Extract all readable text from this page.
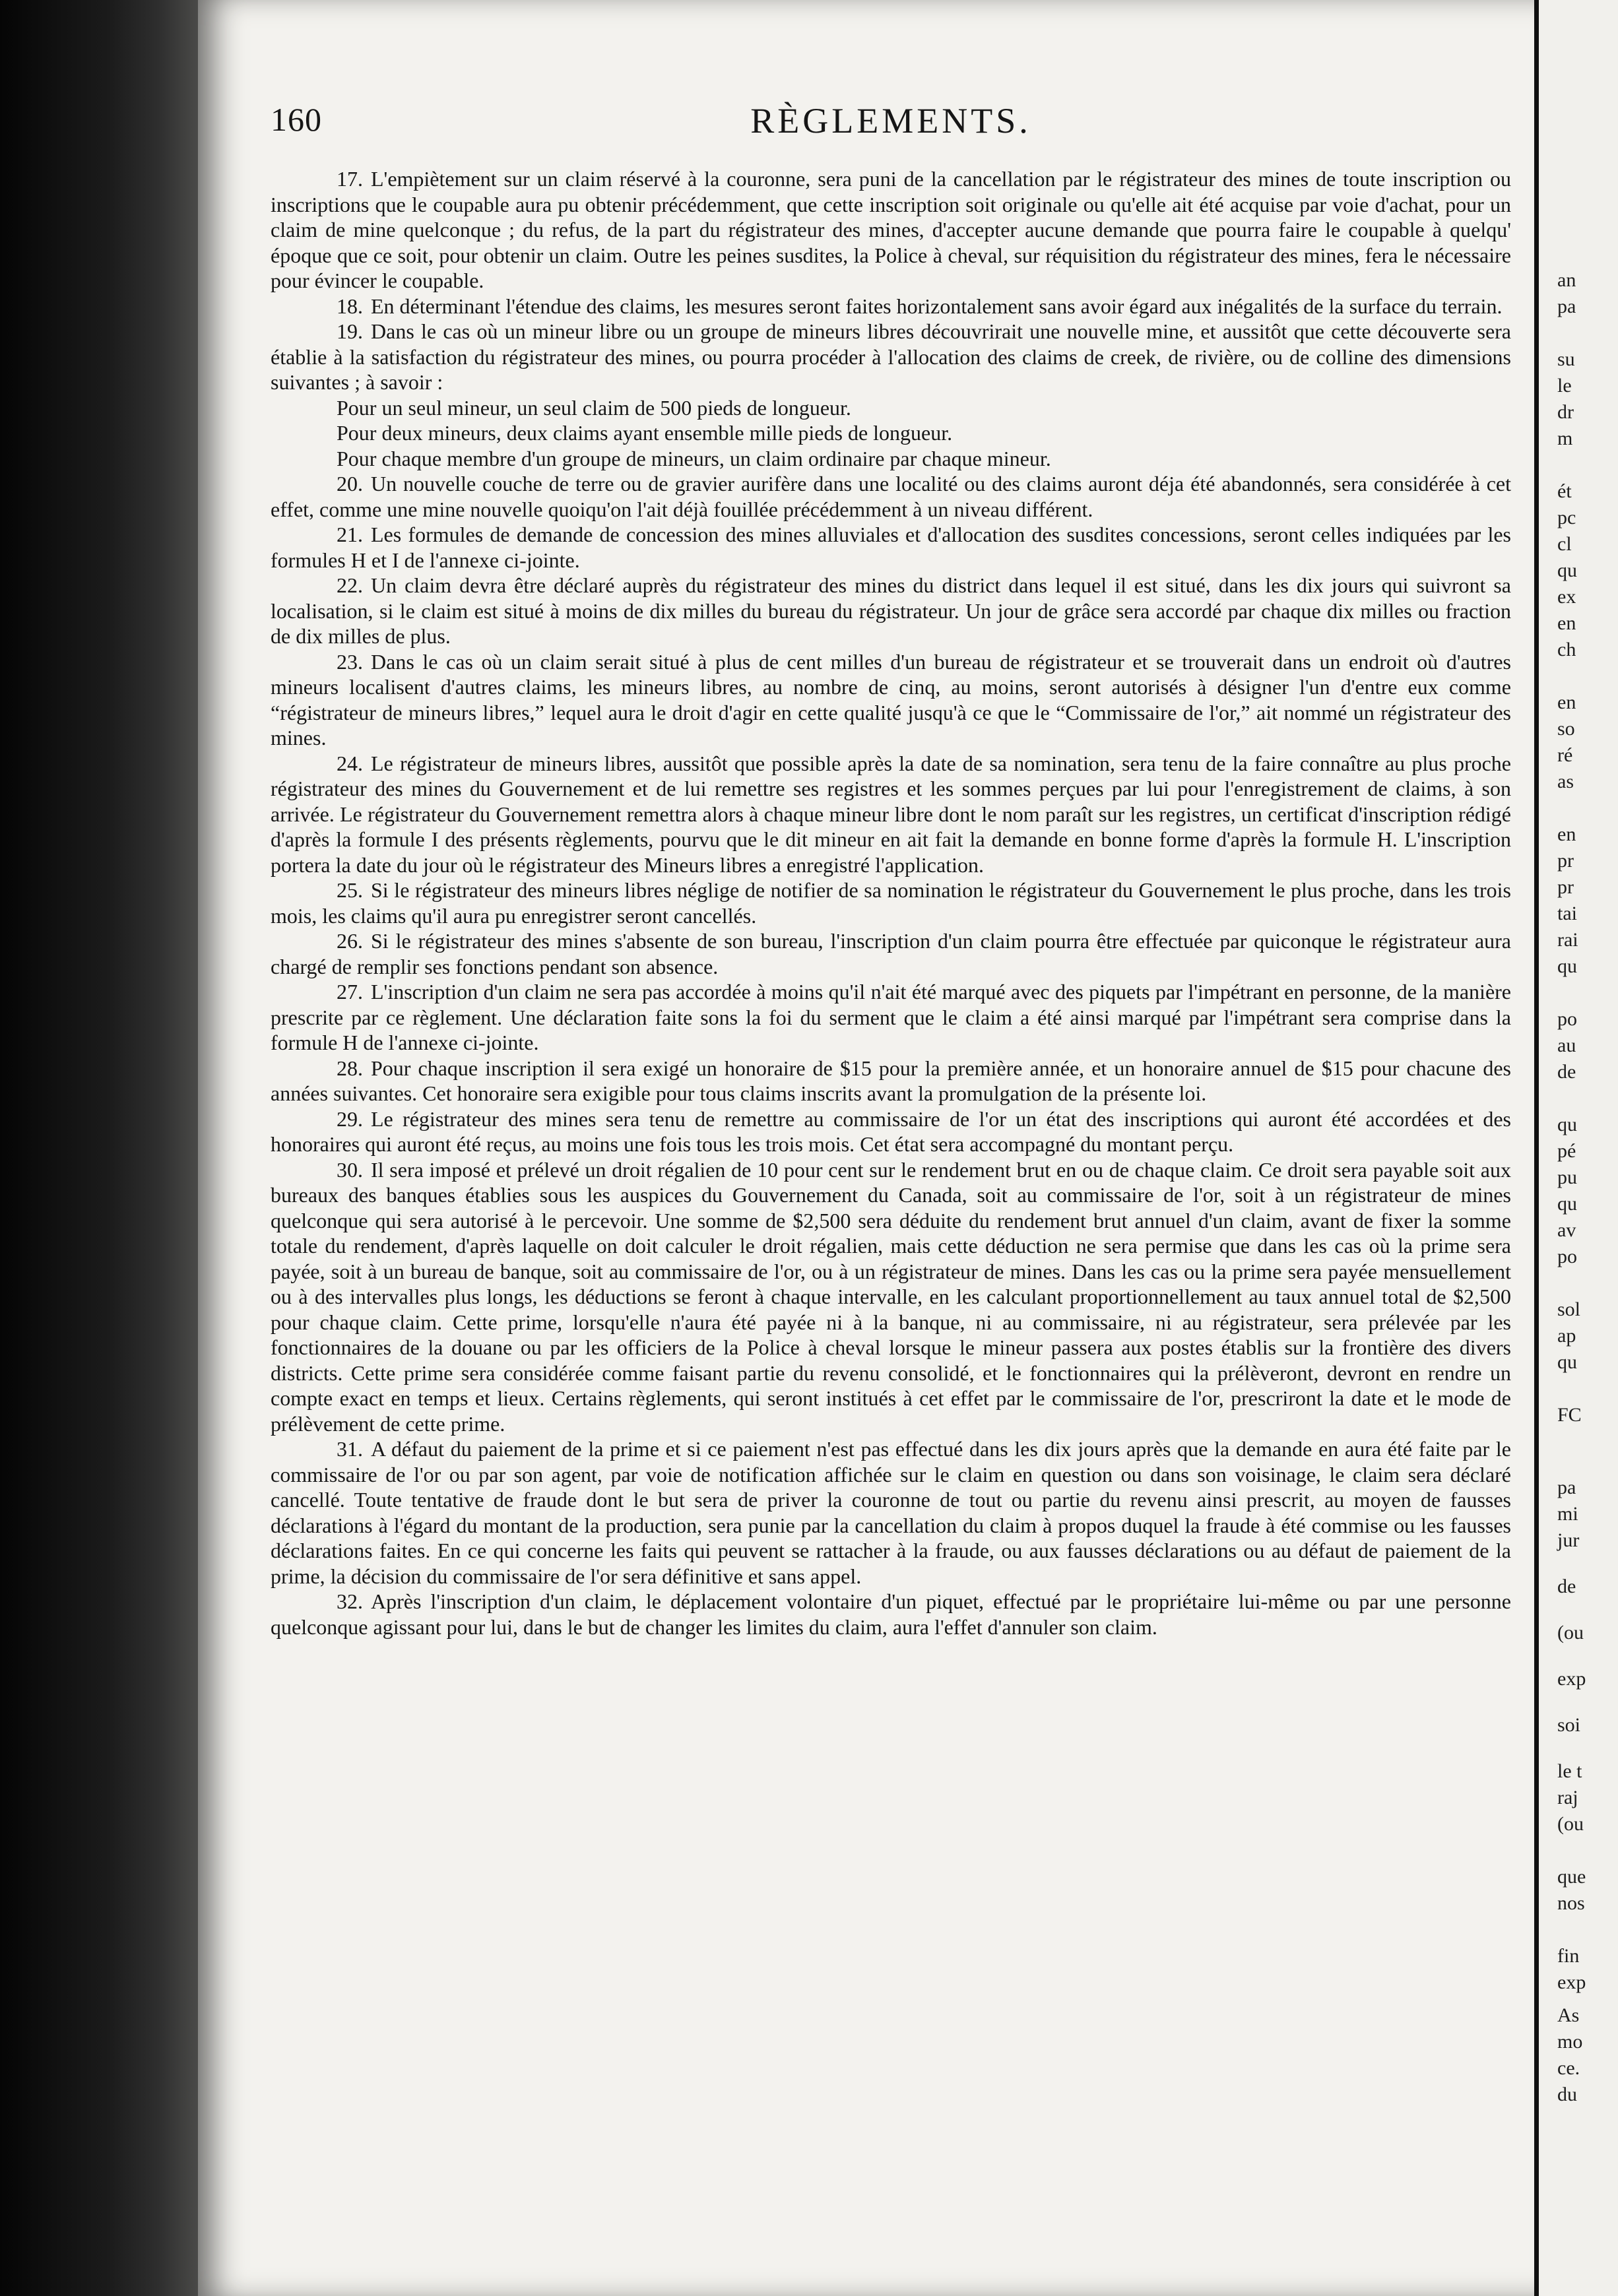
160	RÈGLEMENTS.

17. L'empiètement sur un claim réservé à la couronne, sera puni de la cancellation par le régistrateur des mines de toute inscription ou inscriptions que le coupable aura pu obtenir précédemment, que cette inscription soit originale ou qu'elle ait été acquise par voie d'achat, pour un claim de mine quelconque ; du refus, de la part du régistrateur des mines, d'accepter aucune demande que pourra faire le coupable à quelqu' époque que ce soit, pour obtenir un claim. Outre les peines susdites, la Police à cheval, sur réquisition du régistrateur des mines, fera le nécessaire pour évincer le coupable.

18. En déterminant l'étendue des claims, les mesures seront faites horizontalement sans avoir égard aux inégalités de la surface du terrain.

19. Dans le cas où un mineur libre ou un groupe de mineurs libres découvrirait une nouvelle mine, et aussitôt que cette découverte sera établie à la satisfaction du régistrateur des mines, ou pourra procéder à l'allocation des claims de creek, de rivière, ou de colline des dimensions suivantes ; à savoir :

Pour un seul mineur, un seul claim de 500 pieds de longueur.

Pour deux mineurs, deux claims ayant ensemble mille pieds de longueur.

Pour chaque membre d'un groupe de mineurs, un claim ordinaire par chaque mineur.

20. Un nouvelle couche de terre ou de gravier aurifère dans une localité ou des claims auront déja été abandonnés, sera considérée à cet effet, comme une mine nouvelle quoiqu'on l'ait déjà fouillée précédemment à un niveau différent.

21. Les formules de demande de concession des mines alluviales et d'allocation des susdites concessions, seront celles indiquées par les formules H et I de l'annexe ci-jointe.

22. Un claim devra être déclaré auprès du régistrateur des mines du district dans lequel il est situé, dans les dix jours qui suivront sa localisation, si le claim est situé à moins de dix milles du bureau du régistrateur. Un jour de grâce sera accordé par chaque dix milles ou fraction de dix milles de plus.

23. Dans le cas où un claim serait situé à plus de cent milles d'un bureau de régistrateur et se trouverait dans un endroit où d'autres mineurs localisent d'autres claims, les mineurs libres, au nombre de cinq, au moins, seront autorisés à désigner l'un d'entre eux comme “régistrateur de mineurs libres,” lequel aura le droit d'agir en cette qualité jusqu'à ce que le “Commissaire de l'or,” ait nommé un régistrateur des mines.

24. Le régistrateur de mineurs libres, aussitôt que possible après la date de sa nomination, sera tenu de la faire connaître au plus proche régistrateur des mines du Gouvernement et de lui remettre ses registres et les sommes perçues par lui pour l'enregistrement de claims, à son arrivée. Le régistrateur du Gouvernement remettra alors à chaque mineur libre dont le nom paraît sur les registres, un certificat d'inscription rédigé d'après la formule I des présents règlements, pourvu que le dit mineur en ait fait la demande en bonne forme d'après la formule H. L'inscription portera la date du jour où le régistrateur des Mineurs libres a enregistré l'application.

25. Si le régistrateur des mineurs libres néglige de notifier de sa nomination le régistrateur du Gouvernement le plus proche, dans les trois mois, les claims qu'il aura pu enregistrer seront cancellés.

26. Si le régistrateur des mines s'absente de son bureau, l'inscription d'un claim pourra être effectuée par quiconque le régistrateur aura chargé de remplir ses fonctions pendant son absence.

27. L'inscription d'un claim ne sera pas accordée à moins qu'il n'ait été marqué avec des piquets par l'impétrant en personne, de la manière prescrite par ce règlement. Une déclaration faite sons la foi du serment que le claim a été ainsi marqué par l'impétrant sera comprise dans la formule H de l'annexe ci-jointe.

28. Pour chaque inscription il sera exigé un honoraire de $15 pour la première année, et un honoraire annuel de $15 pour chacune des années suivantes. Cet honoraire sera exigible pour tous claims inscrits avant la promulgation de la présente loi.

29. Le régistrateur des mines sera tenu de remettre au commissaire de l'or un état des inscriptions qui auront été accordées et des honoraires qui auront été reçus, au moins une fois tous les trois mois. Cet état sera accompagné du montant perçu.

30. Il sera imposé et prélevé un droit régalien de 10 pour cent sur le rendement brut en ou de chaque claim. Ce droit sera payable soit aux bureaux des banques établies sous les auspices du Gouvernement du Canada, soit au commissaire de l'or, soit à un régistrateur de mines quelconque qui sera autorisé à le percevoir. Une somme de $2,500 sera déduite du rendement brut annuel d'un claim, avant de fixer la somme totale du rendement, d'après laquelle on doit calculer le droit régalien, mais cette déduction ne sera permise que dans les cas où la prime sera payée, soit à un bureau de banque, soit au commissaire de l'or, ou à un régistrateur de mines. Dans les cas ou la prime sera payée mensuellement ou à des intervalles plus longs, les déductions se feront à chaque intervalle, en les calculant proportionnellement au taux annuel total de $2,500 pour chaque claim. Cette prime, lorsqu'elle n'aura été payée ni à la banque, ni au commissaire, ni au régistrateur, sera prélevée par les fonctionnaires de la douane ou par les officiers de la Police à cheval lorsque le mineur passera aux postes établis sur la frontière des divers districts. Cette prime sera considérée comme faisant partie du revenu consolidé, et le fonctionnaires qui la prélèveront, devront en rendre un compte exact en temps et lieux. Certains règlements, qui seront institués à cet effet par le commissaire de l'or, prescriront la date et le mode de prélèvement de cette prime.

31. A défaut du paiement de la prime et si ce paiement n'est pas effectué dans les dix jours après que la demande en aura été faite par le commissaire de l'or ou par son agent, par voie de notification affichée sur le claim en question ou dans son voisinage, le claim sera déclaré cancellé. Toute tentative de fraude dont le but sera de priver la couronne de tout ou partie du revenu ainsi prescrit, au moyen de fausses déclarations à l'égard du montant de la production, sera punie par la cancellation du claim à propos duquel la fraude à été commise ou les fausses déclarations faites. En ce qui concerne les faits qui peuvent se rattacher à la fraude, ou aux fausses déclarations ou au défaut de paiement de la prime, la décision du commissaire de l'or sera définitive et sans appel.

32. Après l'inscription d'un claim, le déplacement volontaire d'un piquet, effectué par le propriétaire lui-même ou par une personne quelconque agissant pour lui, dans le but de changer les limites du claim, aura l'effet d'annuler son claim.

an
pa
su
le
dr
m
ét
pc
cl
qu
ex
en
ch
en
so
ré
as
en
pr
pr
tai
rai
qu
po
au
de
qu
pé
pu
qu
av
po
sol
ap
qu
FC
pa
mi
jur
de
(ou
exp
soi
le t
raj
(ou
que
nos
fin
exp
As
mo
ce.
du
